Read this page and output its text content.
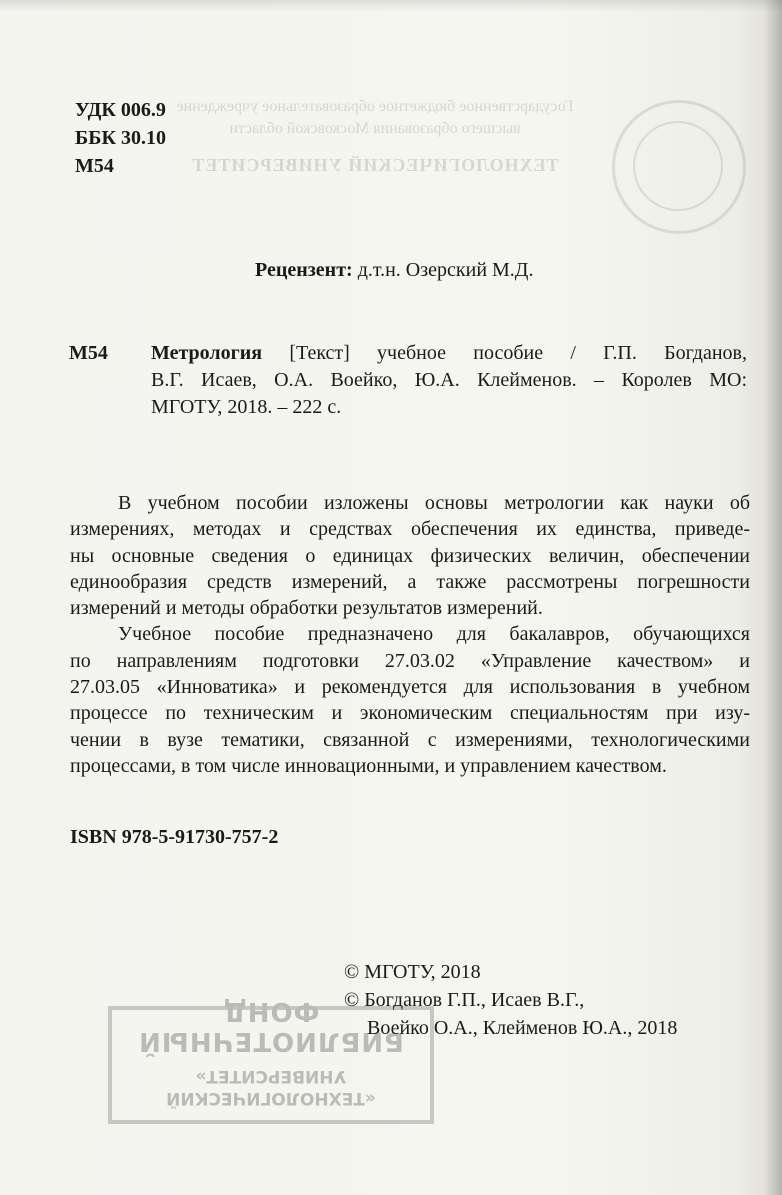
Государственное бюджетное образовательное учреждение
высшего образования Московской области
ТЕХНОЛОГИЧЕСКИЙ УНИВЕРСИТЕТ
УДК 006.9
ББК 30.10
М54
Рецензент: д.т.н. Озерский М.Д.
М54 Метрология [Текст] учебное пособие / Г.П. Богданов,
В.Г. Исаев, О.А. Воейко, Ю.А. Клейменов. – Королев МО:
МГОТУ, 2018. – 222 с.
В учебном пособии изложены основы метрологии как науки об
измерениях, методах и средствах обеспечения их единства, приведе-
ны основные сведения о единицах физических величин, обеспечении
единообразия средств измерений, а также рассмотрены погрешности
измерений и методы обработки результатов измерений.
Учебное пособие предназначено для бакалавров, обучающихся
по направлениям подготовки 27.03.02 «Управление качеством» и
27.03.05 «Инноватика» и рекомендуется для использования в учебном
процессе по техническим и экономическим специальностям при изу-
чении в вузе тематики, связанной с измерениями, технологическими
процессами, в том числе инновационными, и управлением качеством.
ISBN 978-5-91730-757-2
© МГОТУ, 2018
© Богданов Г.П., Исаев В.Г.,
Воейко О.А., Клейменов Ю.А., 2018
«ТЕХНОЛОГИЧЕСКИЙ
УНИВЕРСИТЕТ»
БИБЛИОТЕЧНЫЙ ФОНД
